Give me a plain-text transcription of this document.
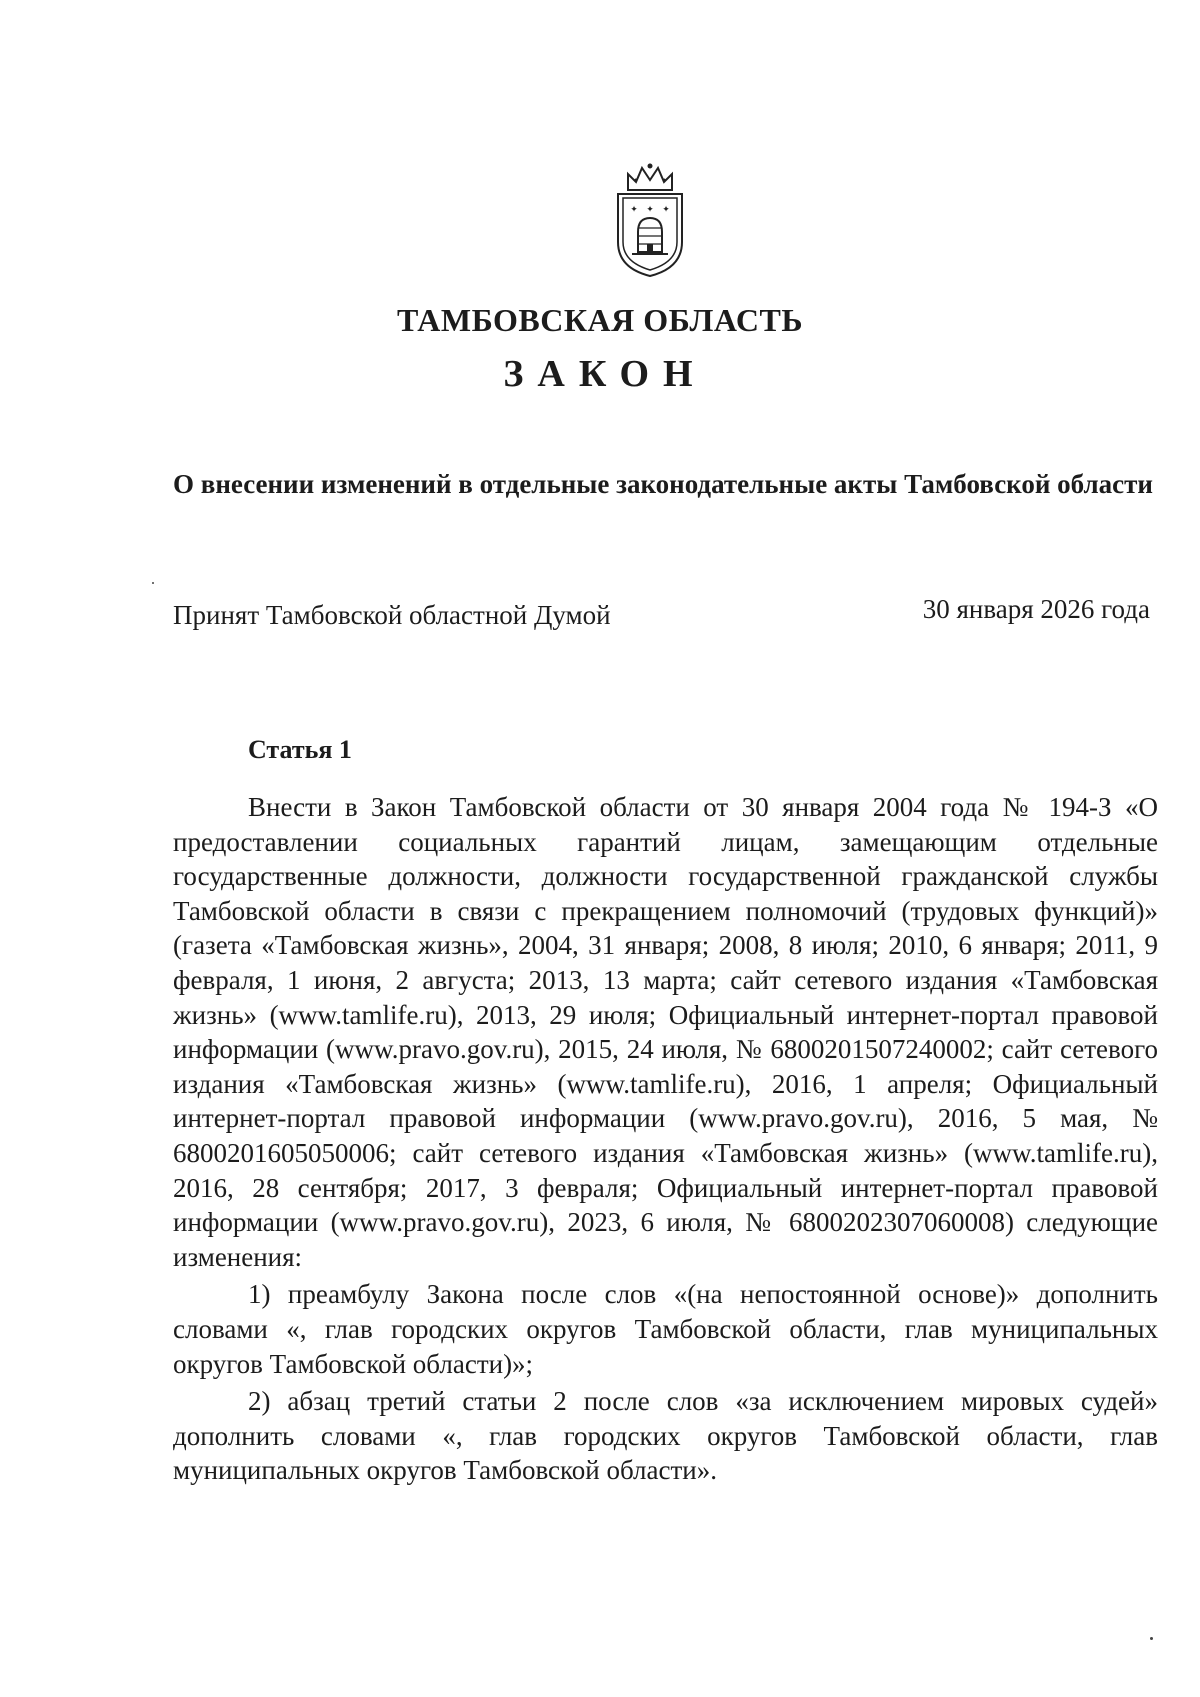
✦ ✦ ✦
ТАМБОВСКАЯ ОБЛАСТЬ
ЗАКОН
О внесении изменений в отдельные законодательные акты Тамбовской области
Принят Тамбовской областной Думой	30 января 2026 года
Статья 1

Внести в Закон Тамбовской области от 30 января 2004 года № 194-З «О предоставлении социальных гарантий лицам, замещающим отдельные государственные должности, должности государственной гражданской службы Тамбовской области в связи с прекращением полномочий (трудовых функций)» (газета «Тамбовская жизнь», 2004, 31 января; 2008, 8 июля; 2010, 6 января; 2011, 9 февраля, 1 июня, 2 августа; 2013, 13 марта; сайт сетевого издания «Тамбовская жизнь» (www.tamlife.ru), 2013, 29 июля; Официальный интернет-портал правовой информации (www.pravo.gov.ru), 2015, 24 июля, № 6800201507240002; сайт сетевого издания «Тамбовская жизнь» (www.tamlife.ru), 2016, 1 апреля; Официальный интернет-портал правовой информации (www.pravo.gov.ru), 2016, 5 мая, № 6800201605050006; сайт сетевого издания «Тамбовская жизнь» (www.tamlife.ru), 2016, 28 сентября; 2017, 3 февраля; Официальный интернет-портал правовой информации (www.pravo.gov.ru), 2023, 6 июля, № 6800202307060008) следующие изменения:

1) преамбулу Закона после слов «(на непостоянной основе)» дополнить словами «, глав городских округов Тамбовской области, глав муниципальных округов Тамбовской области)»;

2) абзац третий статьи 2 после слов «за исключением мировых судей» дополнить словами «, глав городских округов Тамбовской области, глав муниципальных округов Тамбовской области».
